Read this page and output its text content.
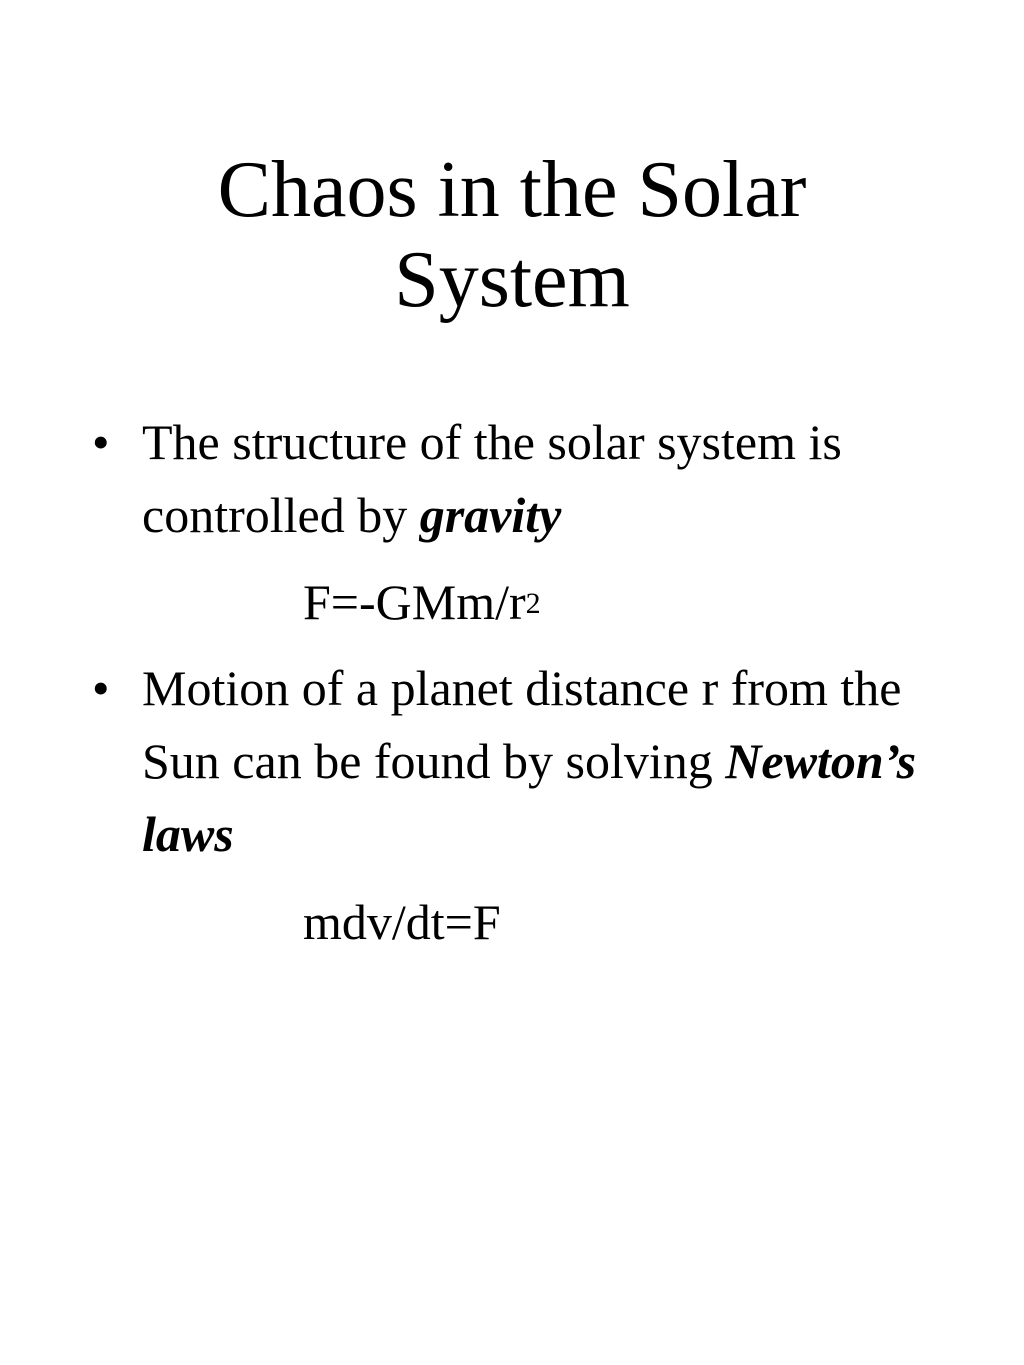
Chaos in the Solar
System
• The structure of the solar system is controlled by gravity
$F=-GMm/r^2$
• Motion of a planet distance r from the Sun can be found by solving Newton’s laws
mdv/dt=F
